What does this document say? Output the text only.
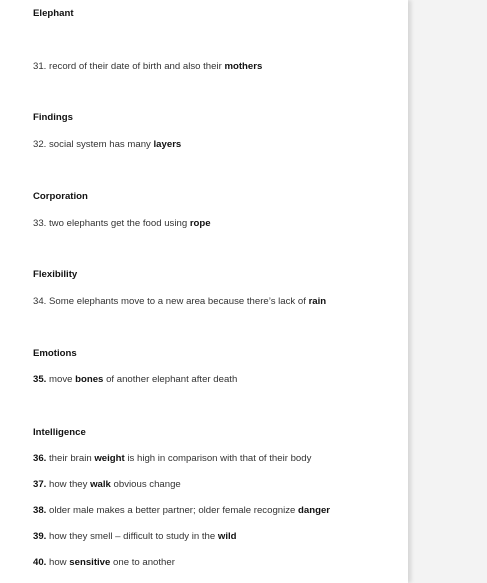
Elephant
31. record of their date of birth and also their mothers
Findings
32. social system has many layers
Corporation
33. two elephants get the food using rope
Flexibility
34. Some elephants move to a new area because there’s lack of rain
Emotions
35. move bones of another elephant after death
Intelligence
36. their brain weight is high in comparison with that of their body
37. how they walk obvious change
38. older male makes a better partner; older female recognize danger
39. how they smell – difficult to study in the wild
40. how sensitive one to another
